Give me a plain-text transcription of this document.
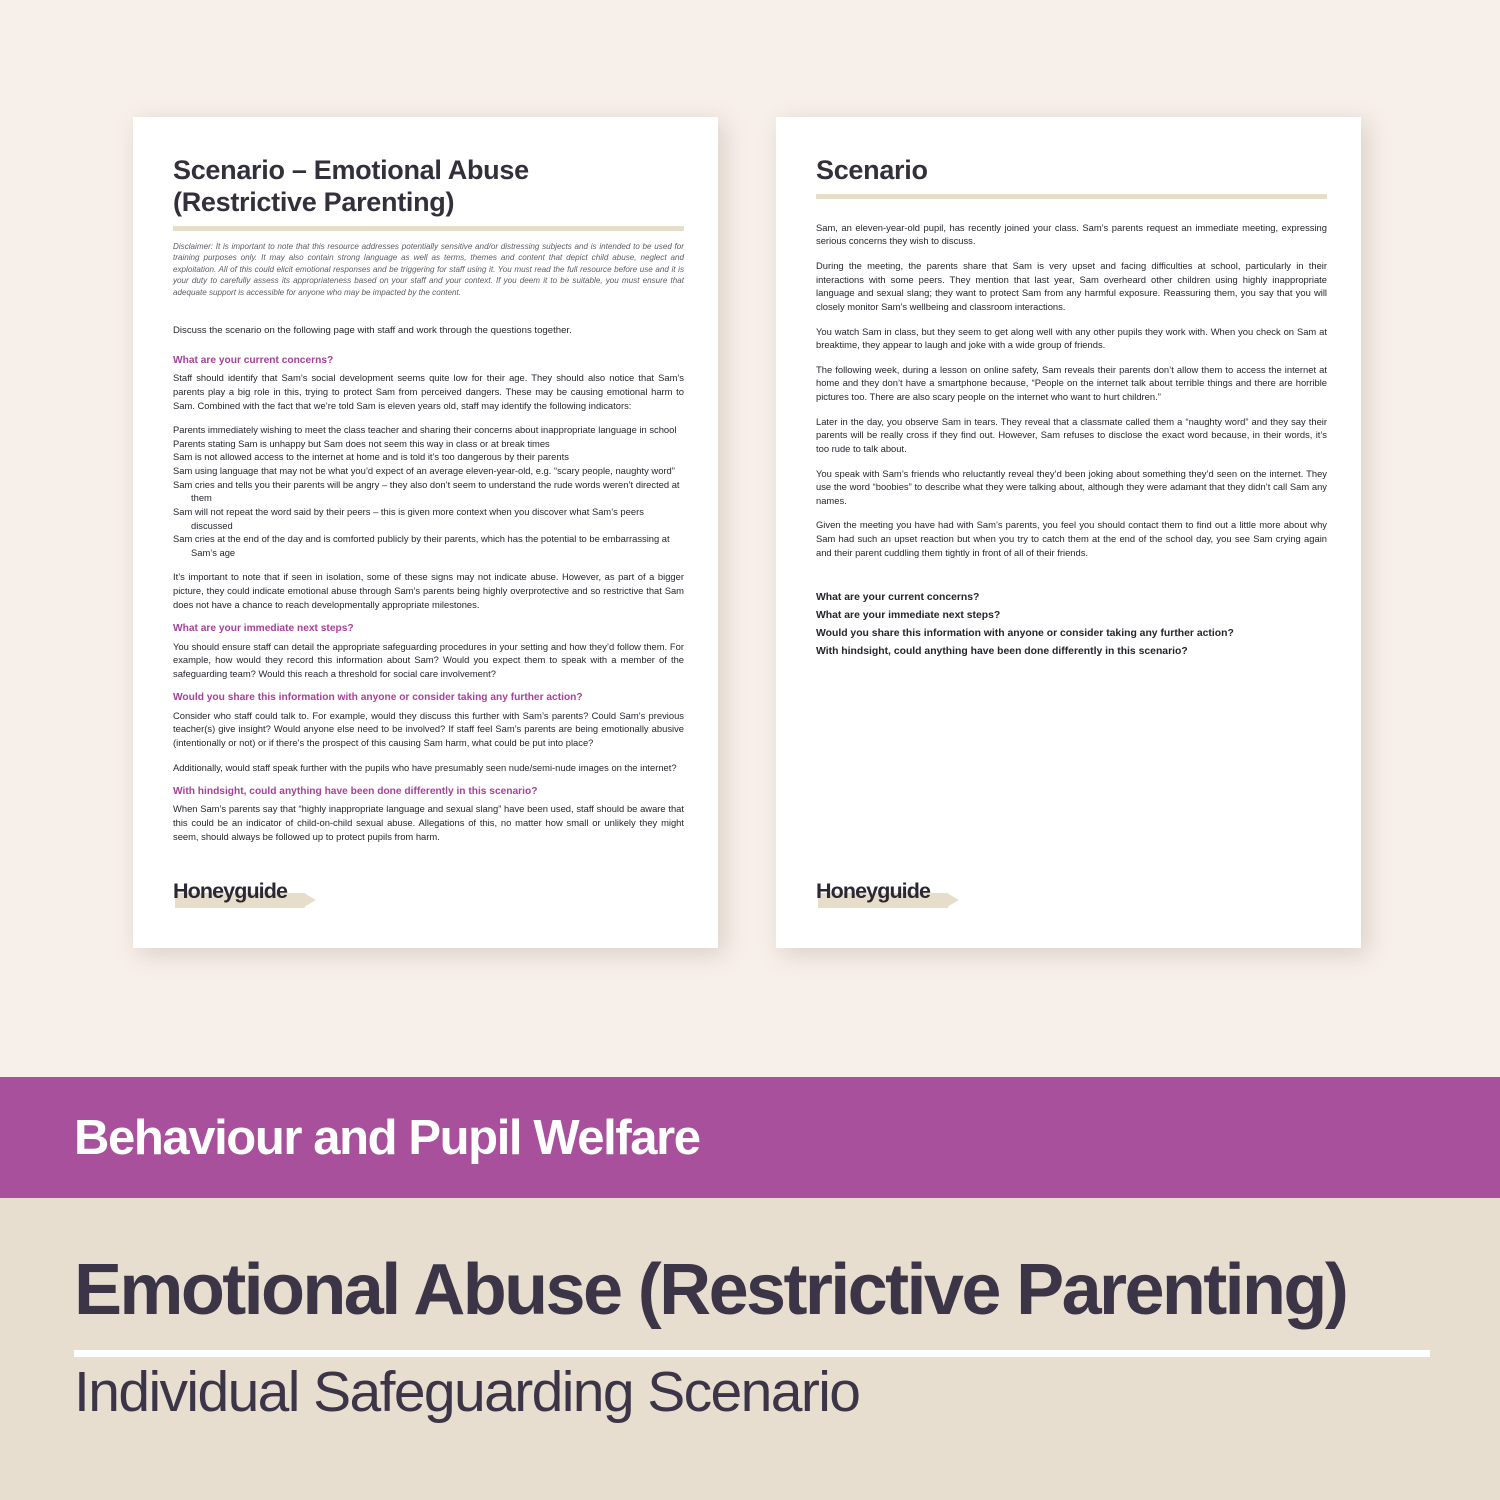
Scenario – Emotional Abuse
(Restrictive Parenting)

Disclaimer: It is important to note that this resource addresses potentially sensitive and/or distressing subjects and is intended to be used for training purposes only. It may also contain strong language as well as terms, themes and content that depict child abuse, neglect and exploitation. All of this could elicit emotional responses and be triggering for staff using it. You must read the full resource before use and it is your duty to carefully assess its appropriateness based on your staff and your context. If you deem it to be suitable, you must ensure that adequate support is accessible for anyone who may be impacted by the content.

Discuss the scenario on the following page with staff and work through the questions together.

What are your current concerns?

Staff should identify that Sam’s social development seems quite low for their age. They should also notice that Sam’s parents play a big role in this, trying to protect Sam from perceived dangers. These may be causing emotional harm to Sam. Combined with the fact that we’re told Sam is eleven years old, staff may identify the following indicators:

Parents immediately wishing to meet the class teacher and sharing their concerns about inappropriate language in school
Parents stating Sam is unhappy but Sam does not seem this way in class or at break times
Sam is not allowed access to the internet at home and is told it’s too dangerous by their parents
Sam using language that may not be what you’d expect of an average eleven-year-old, e.g. “scary people, naughty word”
Sam cries and tells you their parents will be angry – they also don’t seem to understand the rude words weren’t directed at them
Sam will not repeat the word said by their peers – this is given more context when you discover what Sam’s peers discussed
Sam cries at the end of the day and is comforted publicly by their parents, which has the potential to be embarrassing at Sam’s age

It’s important to note that if seen in isolation, some of these signs may not indicate abuse. However, as part of a bigger picture, they could indicate emotional abuse through Sam’s parents being highly overprotective and so restrictive that Sam does not have a chance to reach developmentally appropriate milestones.

What are your immediate next steps?

You should ensure staff can detail the appropriate safeguarding procedures in your setting and how they’d follow them. For example, how would they record this information about Sam? Would you expect them to speak with a member of the safeguarding team? Would this reach a threshold for social care involvement?

Would you share this information with anyone or consider taking any further action?

Consider who staff could talk to. For example, would they discuss this further with Sam’s parents? Could Sam’s previous teacher(s) give insight? Would anyone else need to be involved? If staff feel Sam’s parents are being emotionally abusive (intentionally or not) or if there’s the prospect of this causing Sam harm, what could be put into place?

Additionally, would staff speak further with the pupils who have presumably seen nude/semi-nude images on the internet?

With hindsight, could anything have been done differently in this scenario?

When Sam’s parents say that “highly inappropriate language and sexual slang” have been used, staff should be aware that this could be an indicator of child-on-child sexual abuse. Allegations of this, no matter how small or unlikely they might seem, should always be followed up to protect pupils from harm.

Honeyguide
Scenario

Sam, an eleven-year-old pupil, has recently joined your class. Sam’s parents request an immediate meeting, expressing serious concerns they wish to discuss.

During the meeting, the parents share that Sam is very upset and facing difficulties at school, particularly in their interactions with some peers. They mention that last year, Sam overheard other children using highly inappropriate language and sexual slang; they want to protect Sam from any harmful exposure. Reassuring them, you say that you will closely monitor Sam’s wellbeing and classroom interactions.

You watch Sam in class, but they seem to get along well with any other pupils they work with. When you check on Sam at breaktime, they appear to laugh and joke with a wide group of friends.

The following week, during a lesson on online safety, Sam reveals their parents don’t allow them to access the internet at home and they don’t have a smartphone because, “People on the internet talk about terrible things and there are horrible pictures too. There are also scary people on the internet who want to hurt children.”

Later in the day, you observe Sam in tears. They reveal that a classmate called them a “naughty word” and they say their parents will be really cross if they find out. However, Sam refuses to disclose the exact word because, in their words, it’s too rude to talk about.

You speak with Sam’s friends who reluctantly reveal they’d been joking about something they’d seen on the internet. They use the word “boobies” to describe what they were talking about, although they were adamant that they didn’t call Sam any names.

Given the meeting you have had with Sam’s parents, you feel you should contact them to find out a little more about why Sam had such an upset reaction but when you try to catch them at the end of the school day, you see Sam crying again and their parent cuddling them tightly in front of all of their friends.

What are your current concerns?
What are your immediate next steps?
Would you share this information with anyone or consider taking any further action?
With hindsight, could anything have been done differently in this scenario?
Honeyguide
Behaviour and Pupil Welfare
Emotional Abuse (Restrictive Parenting)
Individual Safeguarding Scenario
